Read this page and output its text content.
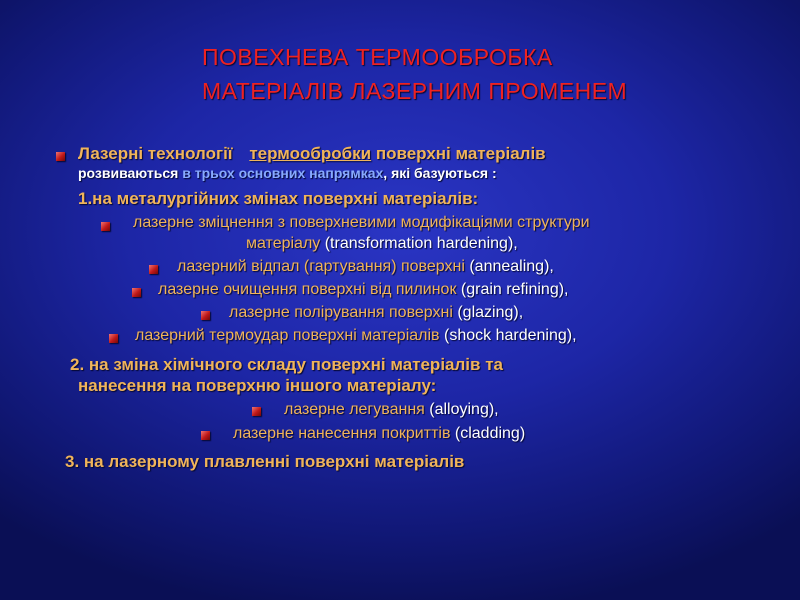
ПОВЕХНЕВА ТЕРМООБРОБКА
МАТЕРІАЛІВ ЛАЗЕРНИМ ПРОМЕНЕМ
Лазерні технології термообробки поверхні матеріалів
розвиваються в трьох основних напрямках, які базуються :
1.на металургійних змінах поверхні матеріалів:
лазерне зміцнення з поверхневими модифікаціями структури
матеріалу (transformation hardening),
лазерний відпал (гартування) поверхні (annealing),
лазерне очищення поверхні від пилинок (grain refining),
лазерне полірування поверхні (glazing),
лазерний термоудар поверхні матеріалів (shock hardening),
2. на зміна хімічного складу поверхні матеріалів та
нанесення на поверхню іншого матеріалу:
лазерне легування (alloying),
лазерне нанесення покриттів (cladding)
3. на лазерному плавленні поверхні матеріалів
